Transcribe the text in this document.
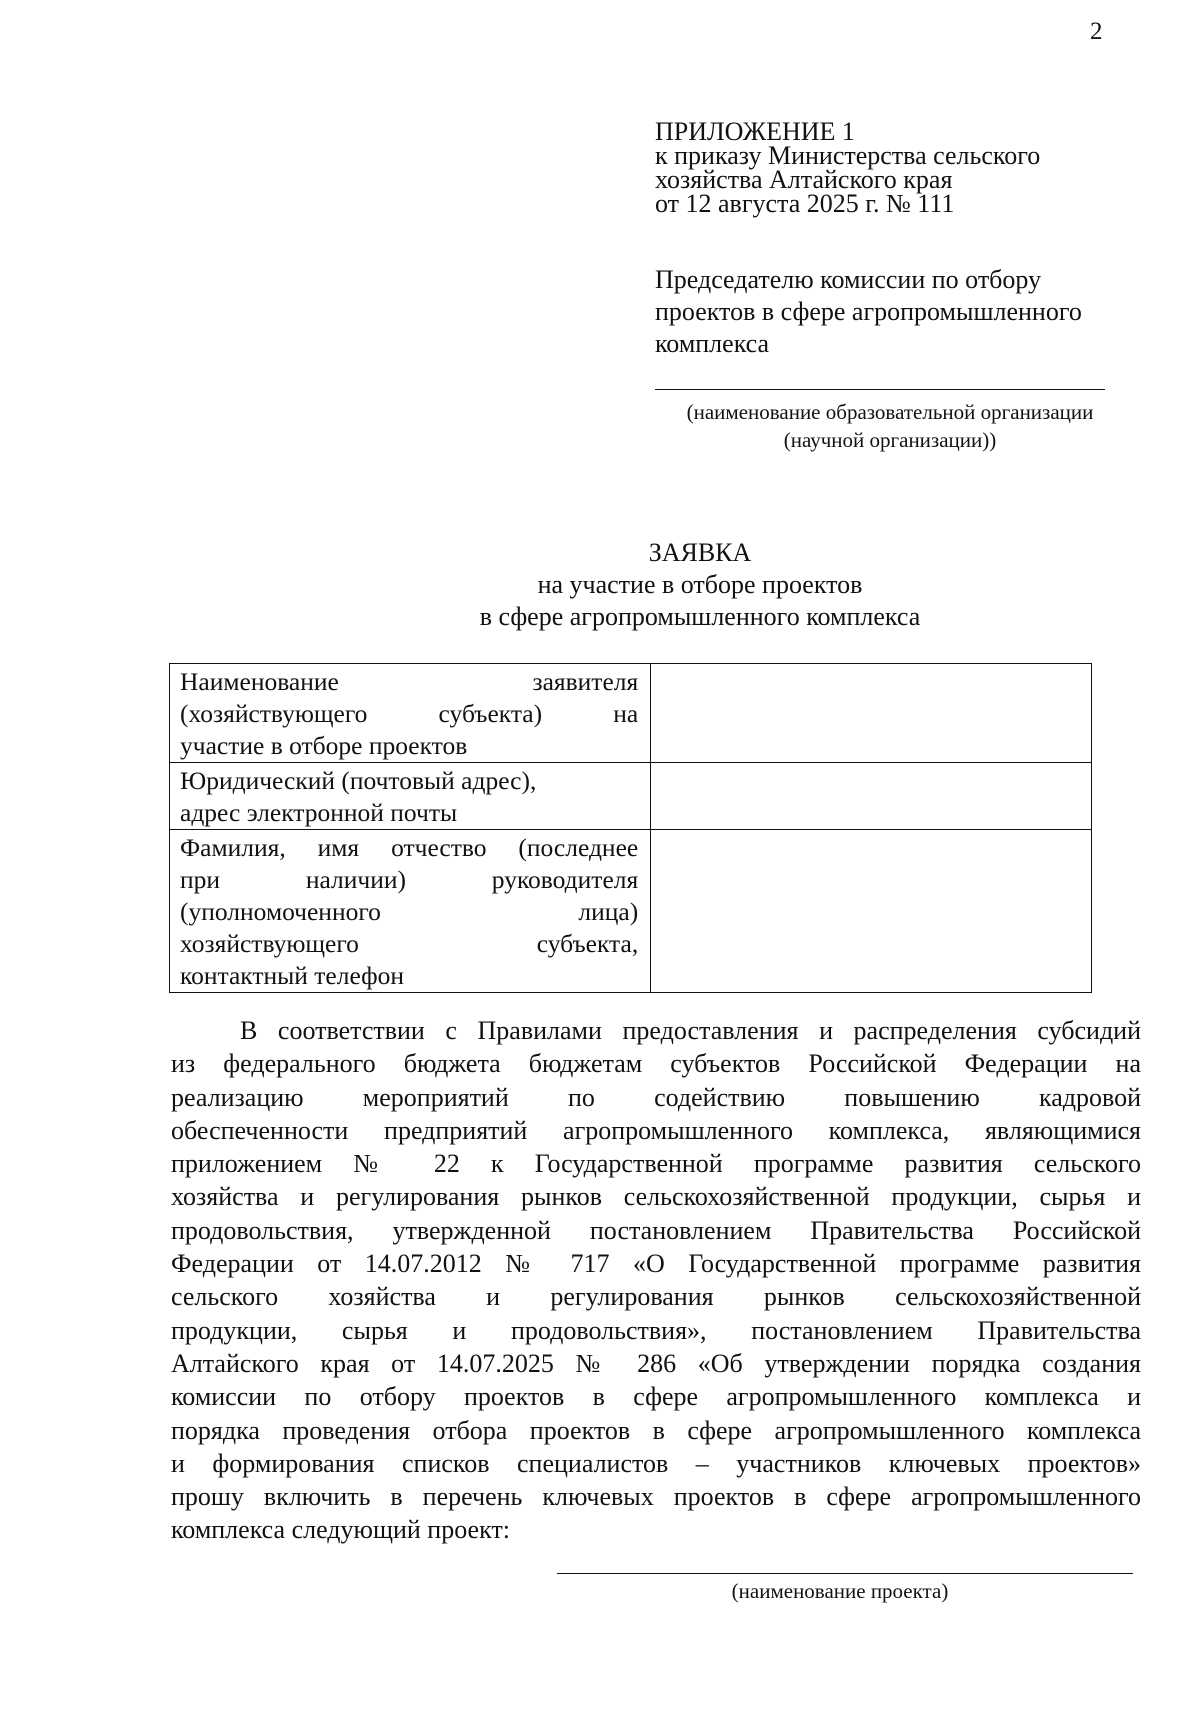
2
ПРИЛОЖЕНИЕ 1
к приказу Министерства сельского
хозяйства Алтайского края
от 12 августа 2025 г. № 111
Председателю комиссии по отбору
проектов в сфере агропромышленного
комплекса
(наименование образовательной организации
(научной организации))
ЗАЯВКА
на участие в отборе проектов
в сфере агропромышленного комплекса
Наименование заявителя
(хозяйствующего субъекта) на
участие в отборе проектов	

Юридический (почтовый адрес),
адрес электронной почты	

Фамилия, имя отчество (последнее
при наличии) руководителя
(уполномоченного лица)
хозяйствующего субъекта,
контактный телефон	

В соответствии с Правилами предоставления и распределения субсидий
из федерального бюджета бюджетам субъектов Российской Федерации на
реализацию мероприятий по содействию повышению кадровой
обеспеченности предприятий агропромышленного комплекса, являющимися
приложением № 22 к Государственной программе развития сельского
хозяйства и регулирования рынков сельскохозяйственной продукции, сырья и
продовольствия, утвержденной постановлением Правительства Российской
Федерации от 14.07.2012 № 717 «О Государственной программе развития
сельского хозяйства и регулирования рынков сельскохозяйственной
продукции, сырья и продовольствия», постановлением Правительства
Алтайского края от 14.07.2025 № 286 «Об утверждении порядка создания
комиссии по отбору проектов в сфере агропромышленного комплекса и
порядка проведения отбора проектов в сфере агропромышленного комплекса
и формирования списков специалистов – участников ключевых проектов»
прошу включить в перечень ключевых проектов в сфере агропромышленного
комплекса следующий проект:
(наименование проекта)
